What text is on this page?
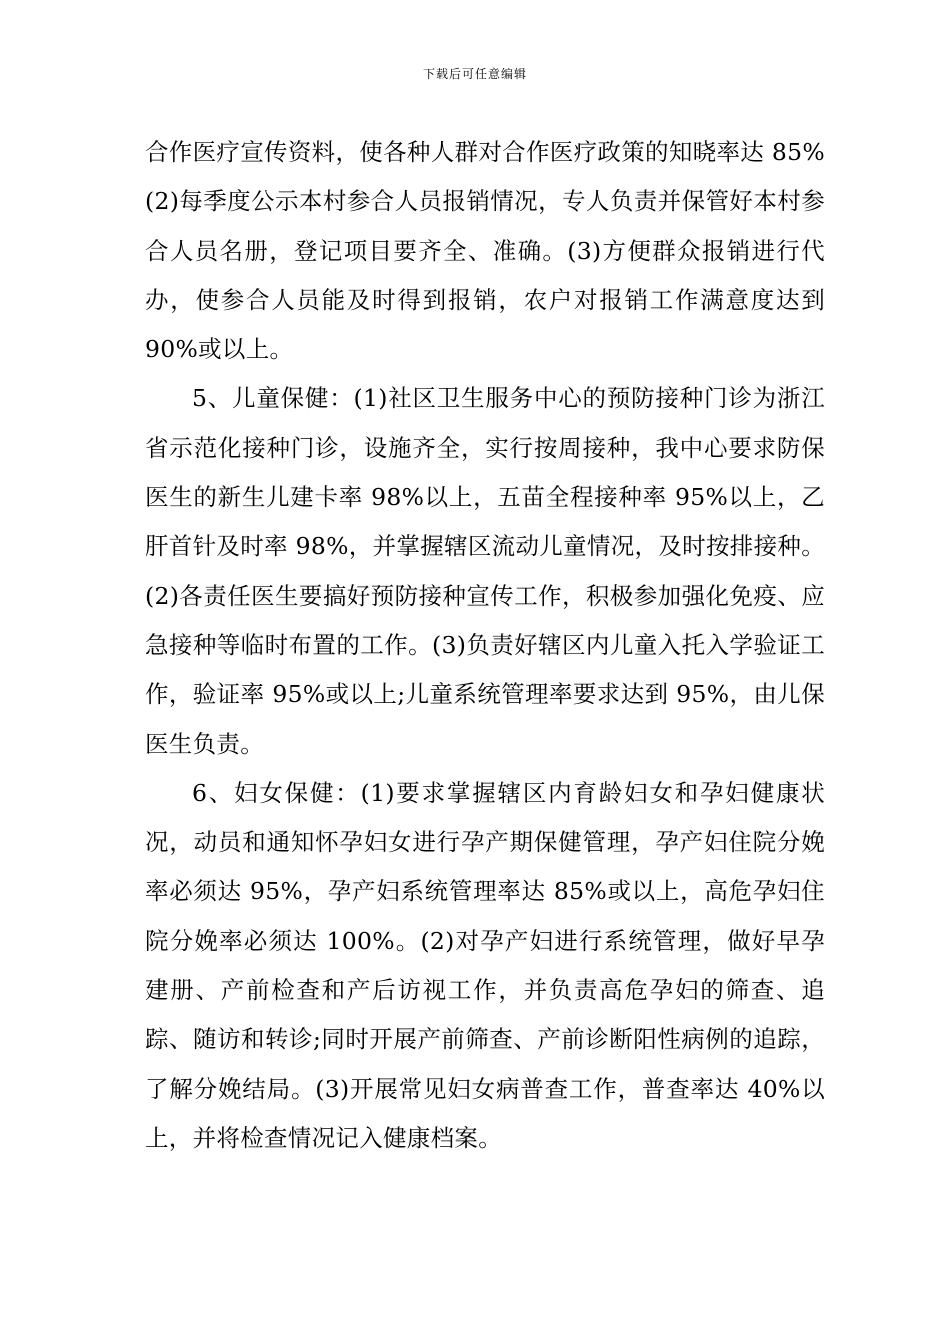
下载后可任意编辑

合作医疗宣传资料，使各种人群对合作医疗政策的知晓率达 85%(2)每季度公示本村参合人员报销情况，专人负责并保管好本村参合人员名册，登记项目要齐全、准确。(3)方便群众报销进行代办，使参合人员能及时得到报销，农户对报销工作满意度达到 90%或以上。

5、儿童保健：(1)社区卫生服务中心的预防接种门诊为浙江省示范化接种门诊，设施齐全，实行按周接种，我中心要求防保医生的新生儿建卡率 98%以上，五苗全程接种率 95%以上，乙肝首针及时率 98%，并掌握辖区流动儿童情况，及时按排接种。(2)各责任医生要搞好预防接种宣传工作，积极参加强化免疫、应急接种等临时布置的工作。(3)负责好辖区内儿童入托入学验证工作，验证率 95%或以上;儿童系统管理率要求达到 95%，由儿保医生负责。

6、妇女保健：(1)要求掌握辖区内育龄妇女和孕妇健康状况，动员和通知怀孕妇女进行孕产期保健管理，孕产妇住院分娩率必须达 95%，孕产妇系统管理率达 85%或以上，高危孕妇住院分娩率必须达 100%。(2)对孕产妇进行系统管理，做好早孕建册、产前检查和产后访视工作，并负责高危孕妇的筛查、追踪、随访和转诊;同时开展产前筛查、产前诊断阳性病例的追踪，了解分娩结局。(3)开展常见妇女病普查工作，普查率达 40%以上，并将检查情况记入健康档案。
